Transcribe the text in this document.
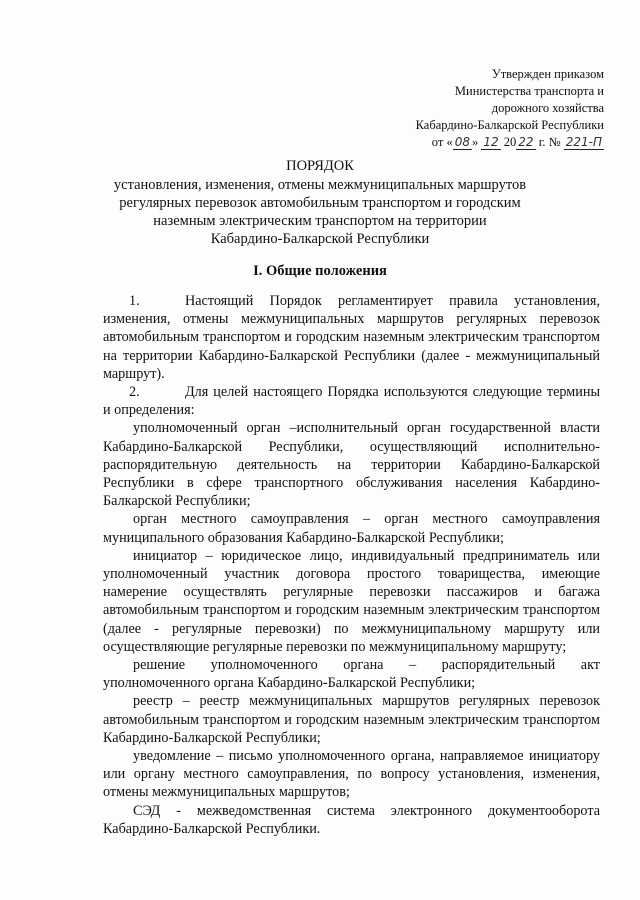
Утвержден приказом
Министерства транспорта и
дорожного хозяйства
Кабардино-Балкарской Республики
от « 08 » 12 20 22 г. № 221-П
ПОРЯДОК
установления, изменения, отмены межмуниципальных маршрутов
регулярных перевозок автомобильным транспортом и городским
наземным электрическим транспортом на территории
Кабардино-Балкарской Республики
I. Общие положения

1.	Настоящий Порядок регламентирует правила установления, изменения, отмены межмуниципальных маршрутов регулярных перевозок автомобильным транспортом и городским наземным электрическим транспортом на территории Кабардино-Балкарской Республики (далее - межмуниципальный маршрут).

2.	Для целей настоящего Порядка используются следующие термины и определения:

уполномоченный орган –исполнительный орган государственной власти Кабардино-Балкарской Республики, осуществляющий исполнительно-распорядительную деятельность на территории Кабардино-Балкарской Республики в сфере транспортного обслуживания населения Кабардино-Балкарской Республики;

орган местного самоуправления – орган местного самоуправления муниципального образования Кабардино-Балкарской Республики;

инициатор – юридическое лицо, индивидуальный предприниматель или уполномоченный участник договора простого товарищества, имеющие намерение осуществлять регулярные перевозки пассажиров и багажа автомобильным транспортом и городским наземным электрическим транспортом (далее - регулярные перевозки) по межмуниципальному маршруту или осуществляющие регулярные перевозки по межмуниципальному маршруту;

решение уполномоченного органа – распорядительный акт уполномоченного органа Кабардино-Балкарской Республики;

реестр – реестр межмуниципальных маршрутов регулярных перевозок автомобильным транспортом и городским наземным электрическим транспортом Кабардино-Балкарской Республики;

уведомление – письмо уполномоченного органа, направляемое инициатору или органу местного самоуправления, по вопросу установления, изменения, отмены межмуниципальных маршрутов;

СЭД - межведомственная система электронного документооборота Кабардино-Балкарской Республики.
